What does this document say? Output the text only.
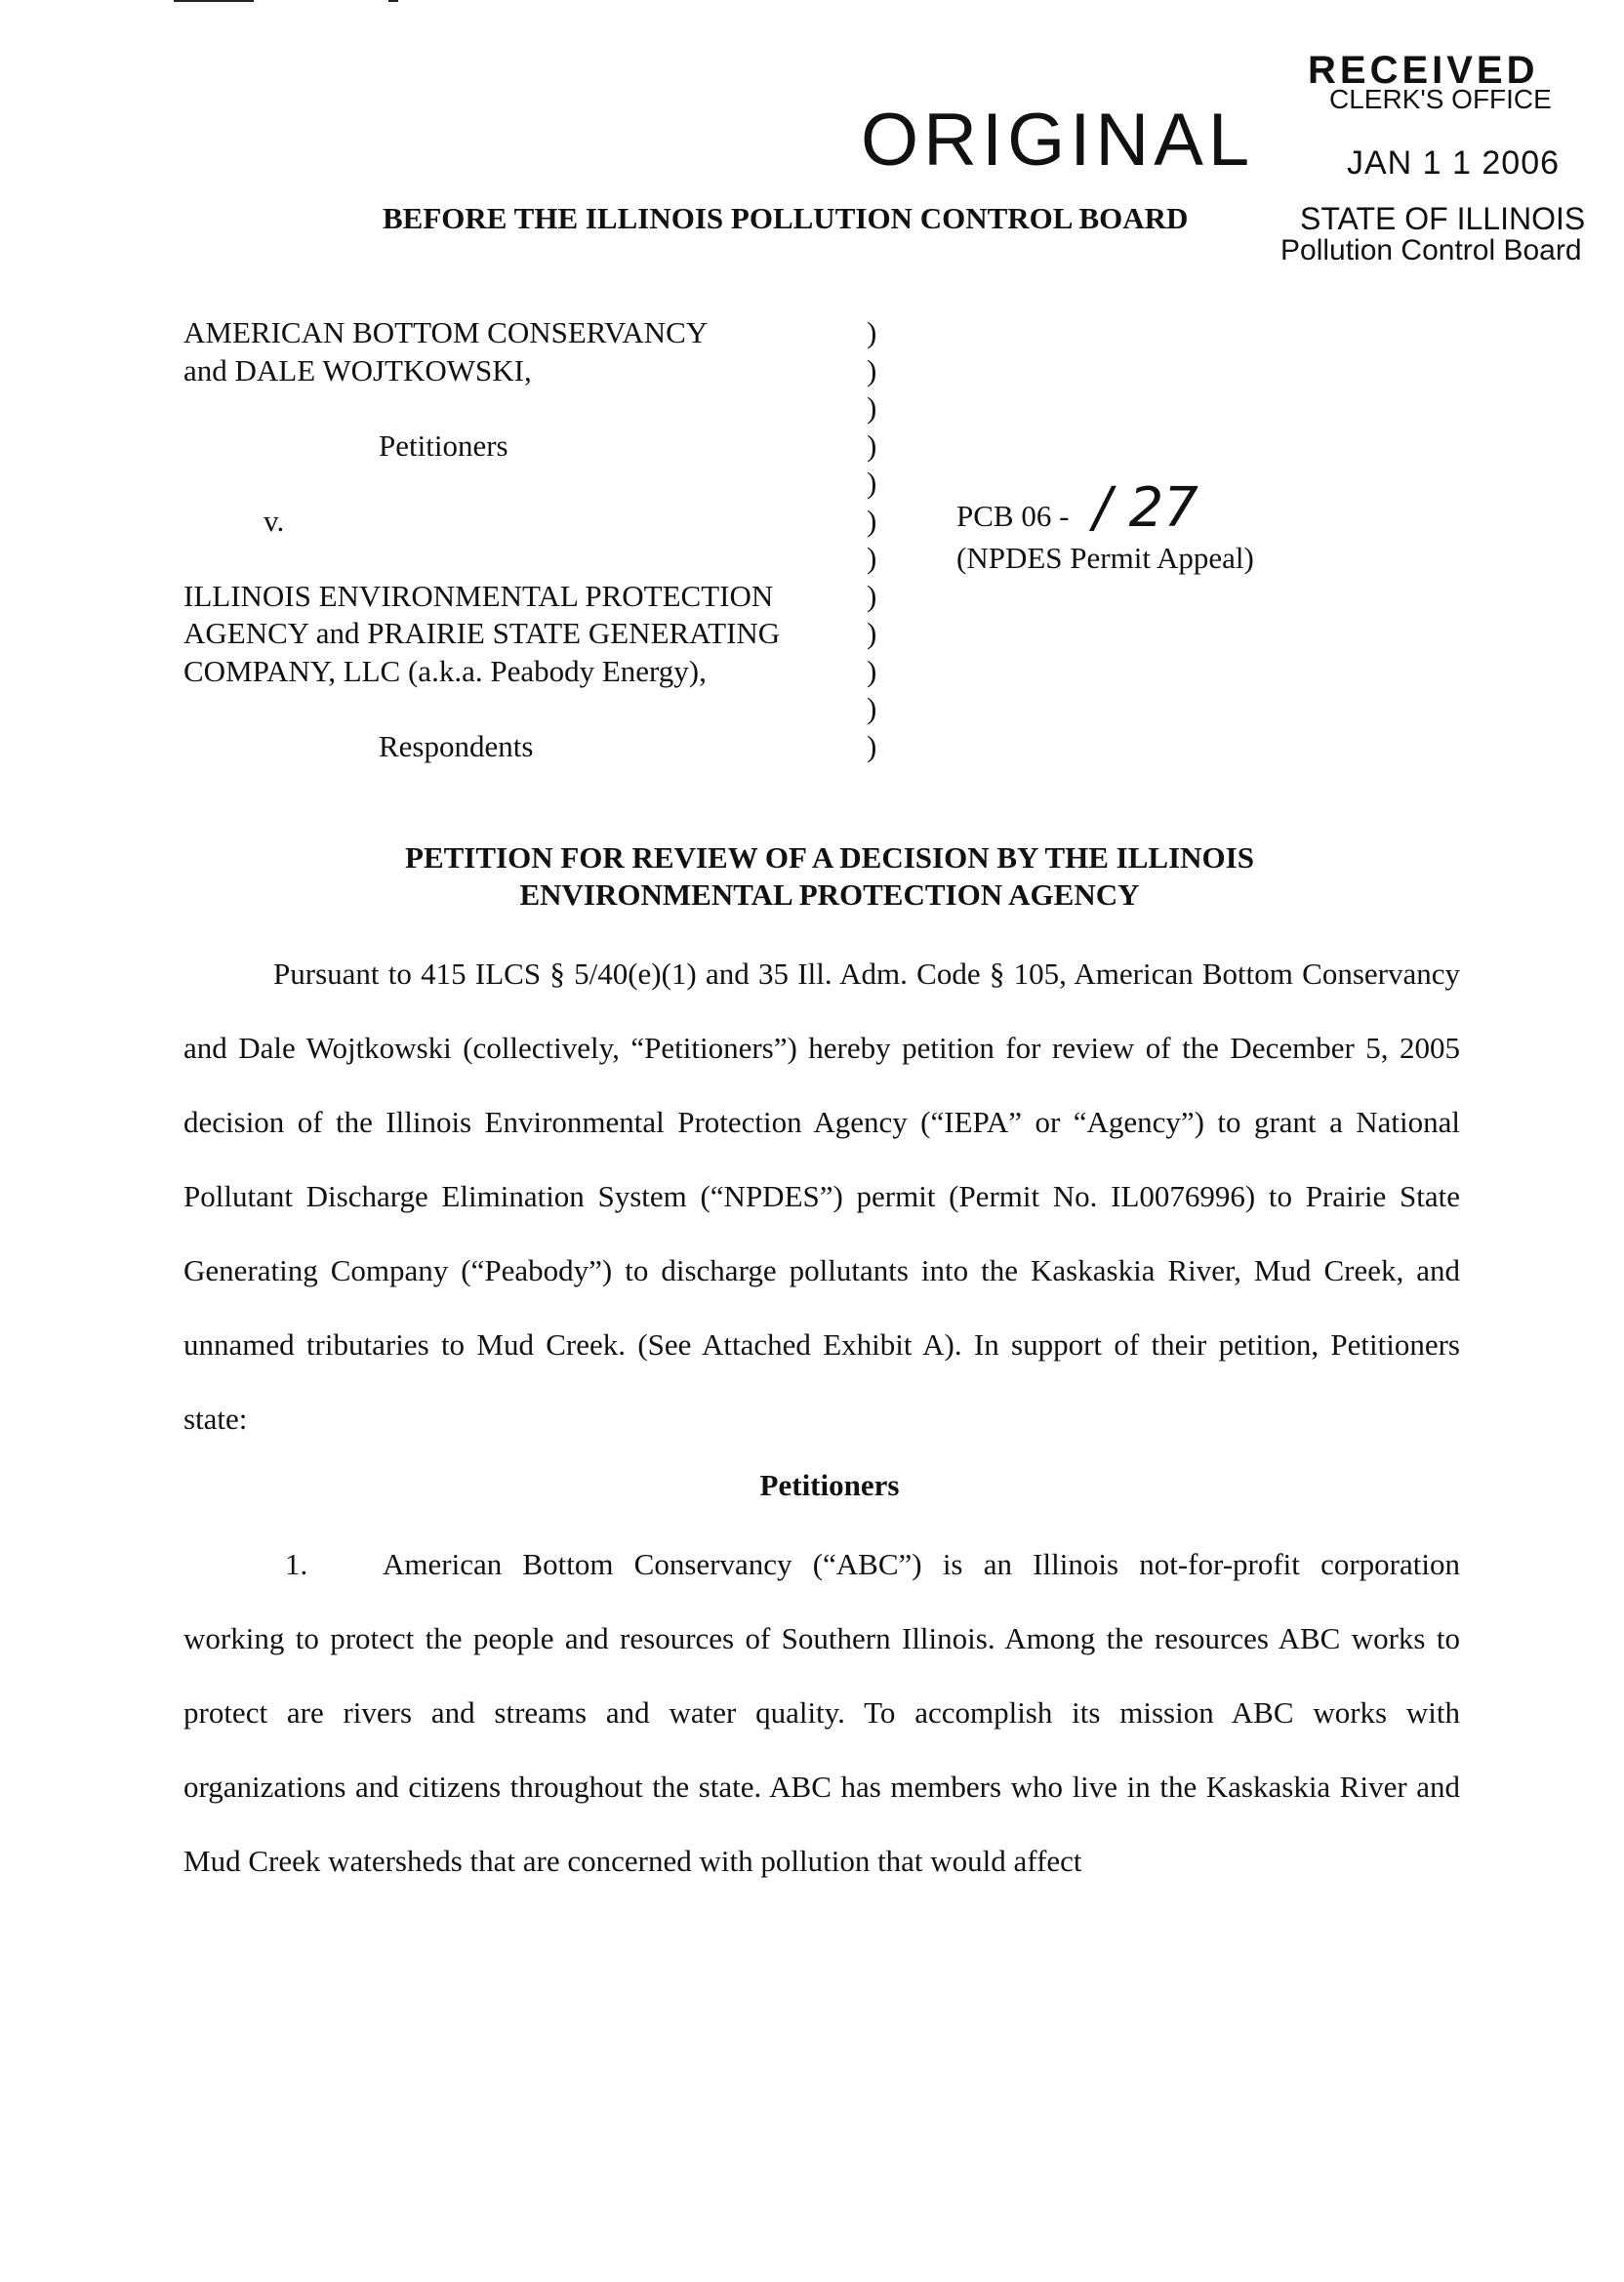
RECEIVED
CLERK'S OFFICE
ORIGINAL	JAN 1 1 2006
STATE OF ILLINOIS
Pollution Control Board
BEFORE THE ILLINOIS POLLUTION CONTROL BOARD
AMERICAN BOTTOM CONSERVANCY
and DALE WOJTKOWSKI,
Petitioners
v.
ILLINOIS ENVIRONMENTAL PROTECTION
AGENCY and PRAIRIE STATE GENERATING
COMPANY, LLC (a.k.a. Peabody Energy),
Respondents
)
)
)
)
)
)
)
)
)
)
)
)
PCB 06 - / 27
(NPDES Permit Appeal)
PETITION FOR REVIEW OF A DECISION BY THE ILLINOIS
ENVIRONMENTAL PROTECTION AGENCY
Pursuant to 415 ILCS § 5/40(e)(1) and 35 Ill. Adm. Code § 105, American Bottom Conservancy and Dale Wojtkowski (collectively, “Petitioners”) hereby petition for review of the December 5, 2005 decision of the Illinois Environmental Protection Agency (“IEPA” or “Agency”) to grant a National Pollutant Discharge Elimination System (“NPDES”) permit (Permit No. IL0076996) to Prairie State Generating Company (“Peabody”) to discharge pollutants into the Kaskaskia River, Mud Creek, and unnamed tributaries to Mud Creek. (See Attached Exhibit A). In support of their petition, Petitioners state:
Petitioners
1. American Bottom Conservancy (“ABC”) is an Illinois not-for-profit corporation working to protect the people and resources of Southern Illinois. Among the resources ABC works to protect are rivers and streams and water quality. To accomplish its mission ABC works with organizations and citizens throughout the state. ABC has members who live in the Kaskaskia River and Mud Creek watersheds that are concerned with pollution that would affect
